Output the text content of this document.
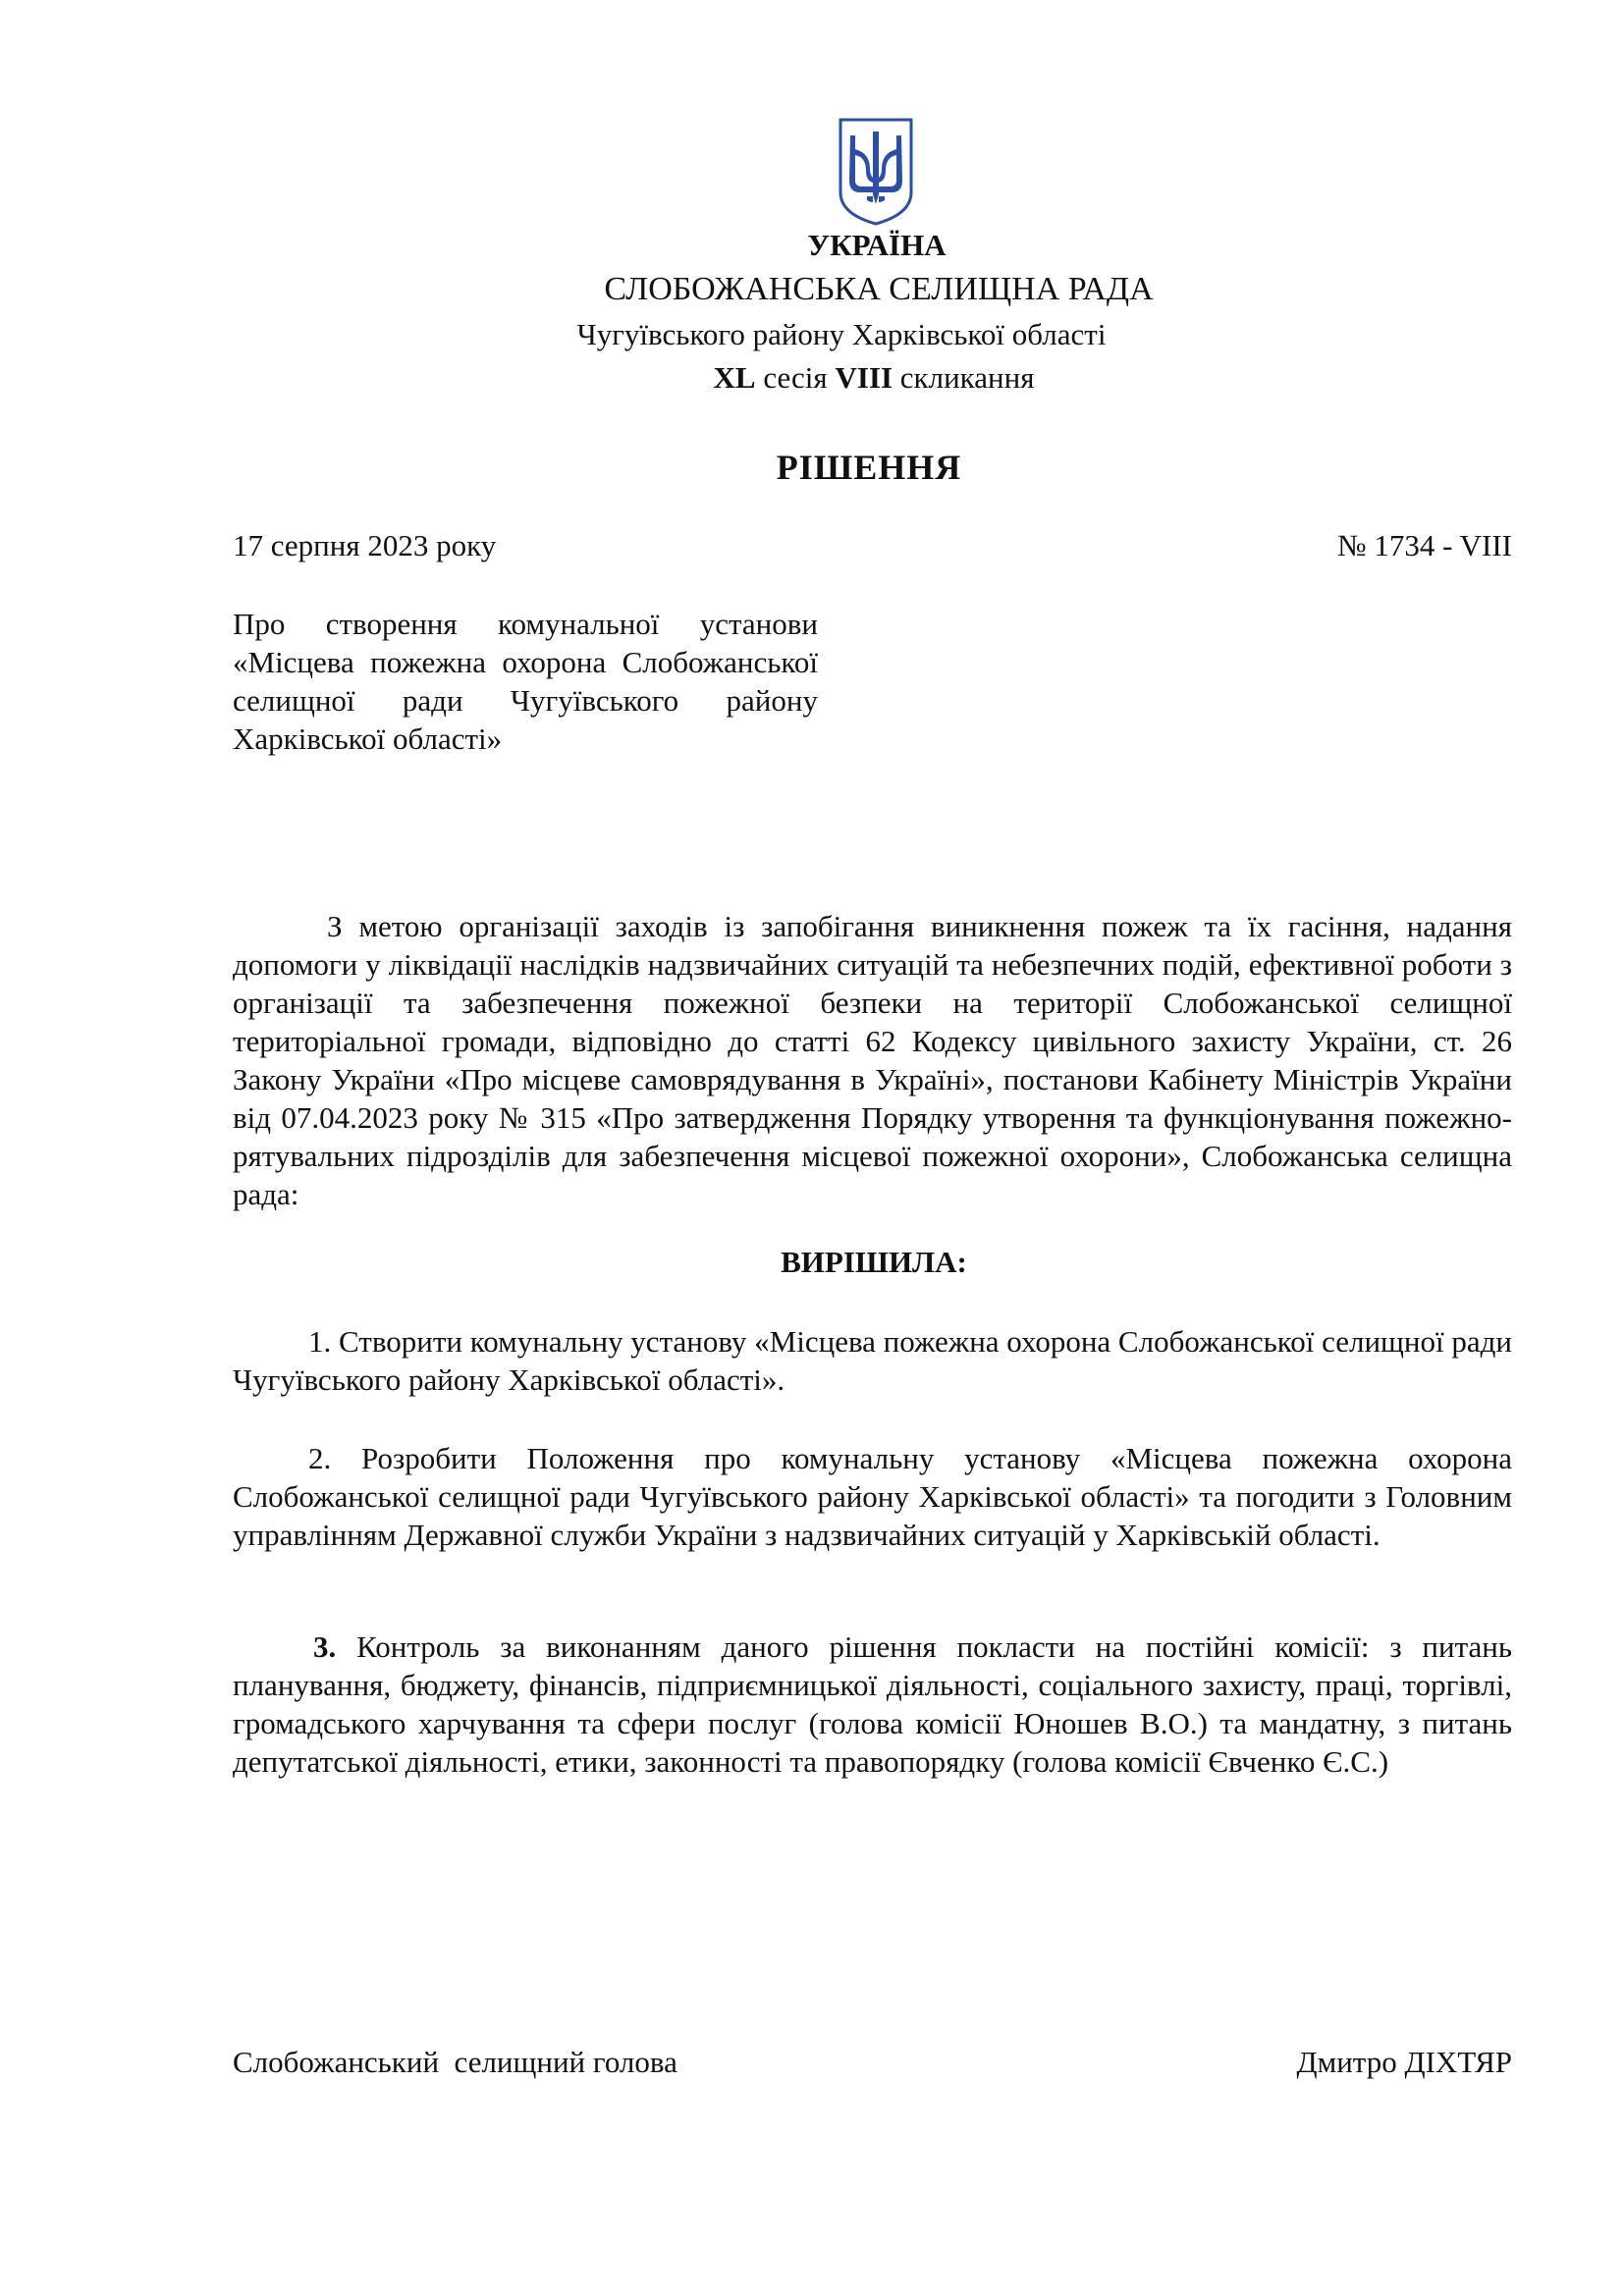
УКРАЇНА
СЛОБОЖАНСЬКА СЕЛИЩНА РАДА
Чугуївського району Харківської області
XL сесія VIII скликання
РІШЕННЯ
17 серпня 2023 року	№ 1734 - VIII
Про створення комунальної установи «Місцева пожежна охорона Слобожанської селищної ради Чугуївського району Харківської області»
З метою організації заходів із запобігання виникнення пожеж та їх гасіння, надання допомоги у ліквідації наслідків надзвичайних ситуацій та небезпечних подій, ефективної роботи з організації та забезпечення пожежної безпеки на території Слобожанської селищної територіальної громади, відповідно до статті 62 Кодексу цивільного захисту України, ст. 26 Закону України «Про місцеве самоврядування в Україні», постанови Кабінету Міністрів України від 07.04.2023 року № 315 «Про затвердження Порядку утворення та функціонування пожежно-рятувальних підрозділів для забезпечення місцевої пожежної охорони», Слобожанська селищна рада:
ВИРІШИЛА:
1. Створити комунальну установу «Місцева пожежна охорона Слобожанської селищної ради Чугуївського району Харківської області».
2. Розробити Положення про комунальну установу «Місцева пожежна охорона Слобожанської селищної ради Чугуївського району Харківської області» та погодити з Головним управлінням Державної служби України з надзвичайних ситуацій у Харківській області.
3. Контроль за виконанням даного рішення покласти на постійні комісії: з питань планування, бюджету, фінансів, підприємницької діяльності, соціального захисту, праці, торгівлі, громадського харчування та сфери послуг (голова комісії Юношев В.О.) та мандатну, з питань депутатської діяльності, етики, законності та правопорядку (голова комісії Євченко Є.С.)
Слобожанський  селищний голова	Дмитро ДІХТЯР
